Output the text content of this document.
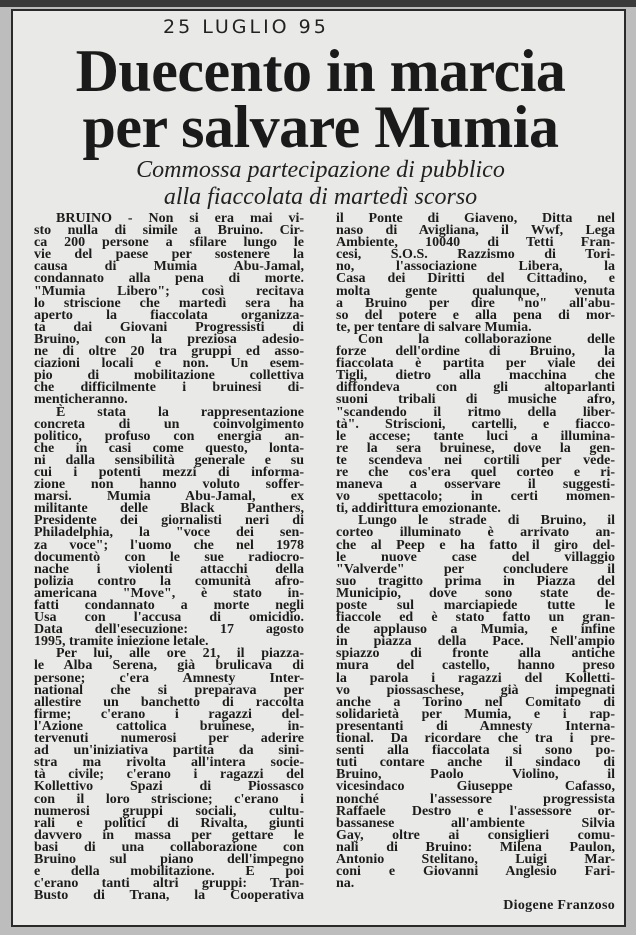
25 LUGLIO 95
Duecento in marcia
per salvare Mumia
Commossa partecipazione di pubblico
alla fiaccolata di martedì scorso
BRUINO - Non si era mai vi-
sto nulla di simile a Bruino. Cir-
ca 200 persone a sfilare lungo le
vie del paese per sostenere la
causa di Mumia Abu-Jamal,
condannato alla pena di morte.
"Mumia Libero"; così recitava
lo striscione che martedì sera ha
aperto la fiaccolata organizza-
ta dai Giovani Progressisti di
Bruino, con la preziosa adesio-
ne di oltre 20 tra gruppi ed asso-
ciazioni locali e non. Un esem-
pio di mobilitazione collettiva
che difficilmente i bruinesi di-
menticheranno.
È stata la rappresentazione
concreta di un coinvolgimento
politico, profuso con energia an-
che in casi come questo, lonta-
ni dalla sensibilità generale e su
cui i potenti mezzi di informa-
zione non hanno voluto soffer-
marsi. Mumia Abu-Jamal, ex
militante delle Black Panthers,
Presidente dei giornalisti neri di
Philadelphia, la "voce dei sen-
za voce"; l'uomo che nel 1978
documentò con le sue radiocro-
nache i violenti attacchi della
polizia contro la comunità afro-
americana "Move", è stato in-
fatti condannato a morte negli
Usa con l'accusa di omicidio.
Data dell'esecuzione: 17 agosto
1995, tramite iniezione letale.
Per lui, alle ore 21, il piazza-
le Alba Serena, già brulicava di
persone; c'era Amnesty Inter-
national che si preparava per
allestire un banchetto di raccolta
firme; c'erano i ragazzi del-
l'Azione cattolica bruinese, in-
tervenuti numerosi per aderire
ad un'iniziativa partita da sini-
stra ma rivolta all'intera socie-
tà civile; c'erano i ragazzi del
Kollettivo Spazi di Piossasco
con il loro striscione; c'erano i
numerosi gruppi sociali, cultu-
rali e politici di Rivalta, giunti
davvero in massa per gettare le
basi di una collaborazione con
Bruino sul piano dell'impegno
e della mobilitazione. E poi
c'erano tanti altri gruppi: Tran-
Busto di Trana, la Cooperativa
il Ponte di Giaveno, Ditta nel
naso di Avigliana, il Wwf, Lega
Ambiente, 10040 di Tetti Fran-
cesi, S.O.S. Razzismo di Tori-
no, l'associazione Libera, la
Casa dei Diritti del Cittadino, e
molta gente qualunque, venuta
a Bruino per dire "no" all'abu-
so del potere e alla pena di mor-
te, per tentare di salvare Mumia.
Con la collaborazione delle
forze dell'ordine di Bruino, la
fiaccolata è partita per viale dei
Tigli, dietro alla macchina che
diffondeva con gli altoparlanti
suoni tribali di musiche afro,
"scandendo il ritmo della liber-
tà". Striscioni, cartelli, e fiacco-
le accese; tante luci a illumina-
re la sera bruinese, dove la gen-
te scendeva nei cortili per vede-
re che cos'era quel corteo e ri-
maneva a osservare il suggesti-
vo spettacolo; in certi momen-
ti, addirittura emozionante.
Lungo le strade di Bruino, il
corteo illuminato è arrivato an-
che al Peep e ha fatto il giro del-
le nuove case del villaggio
"Valverde" per concludere il
suo tragitto prima in Piazza del
Municipio, dove sono state de-
poste sul marciapiede tutte le
fiaccole ed è stato fatto un gran-
de applauso a Mumia, e infine
in piazza della Pace. Nell'ampio
spiazzo di fronte alla antiche
mura del castello, hanno preso
la parola i ragazzi del Kolletti-
vo piossaschese, già impegnati
anche a Torino nel Comitato di
solidarietà per Mumia, e i rap-
presentanti di Amnesty Interna-
tional. Da ricordare che tra i pre-
senti alla fiaccolata si sono po-
tuti contare anche il sindaco di
Bruino, Paolo Violino, il
vicesindaco Giuseppe Cafasso,
nonché l'assessore progressista
Raffaele Destro e l'assessore or-
bassanese all'ambiente Silvia
Gay, oltre ai consiglieri comu-
nali di Bruino: Milena Paulon,
Antonio Stelitano, Luigi Mar-
coni e Giovanni Anglesio Fari-
na.
Diogene Franzoso
